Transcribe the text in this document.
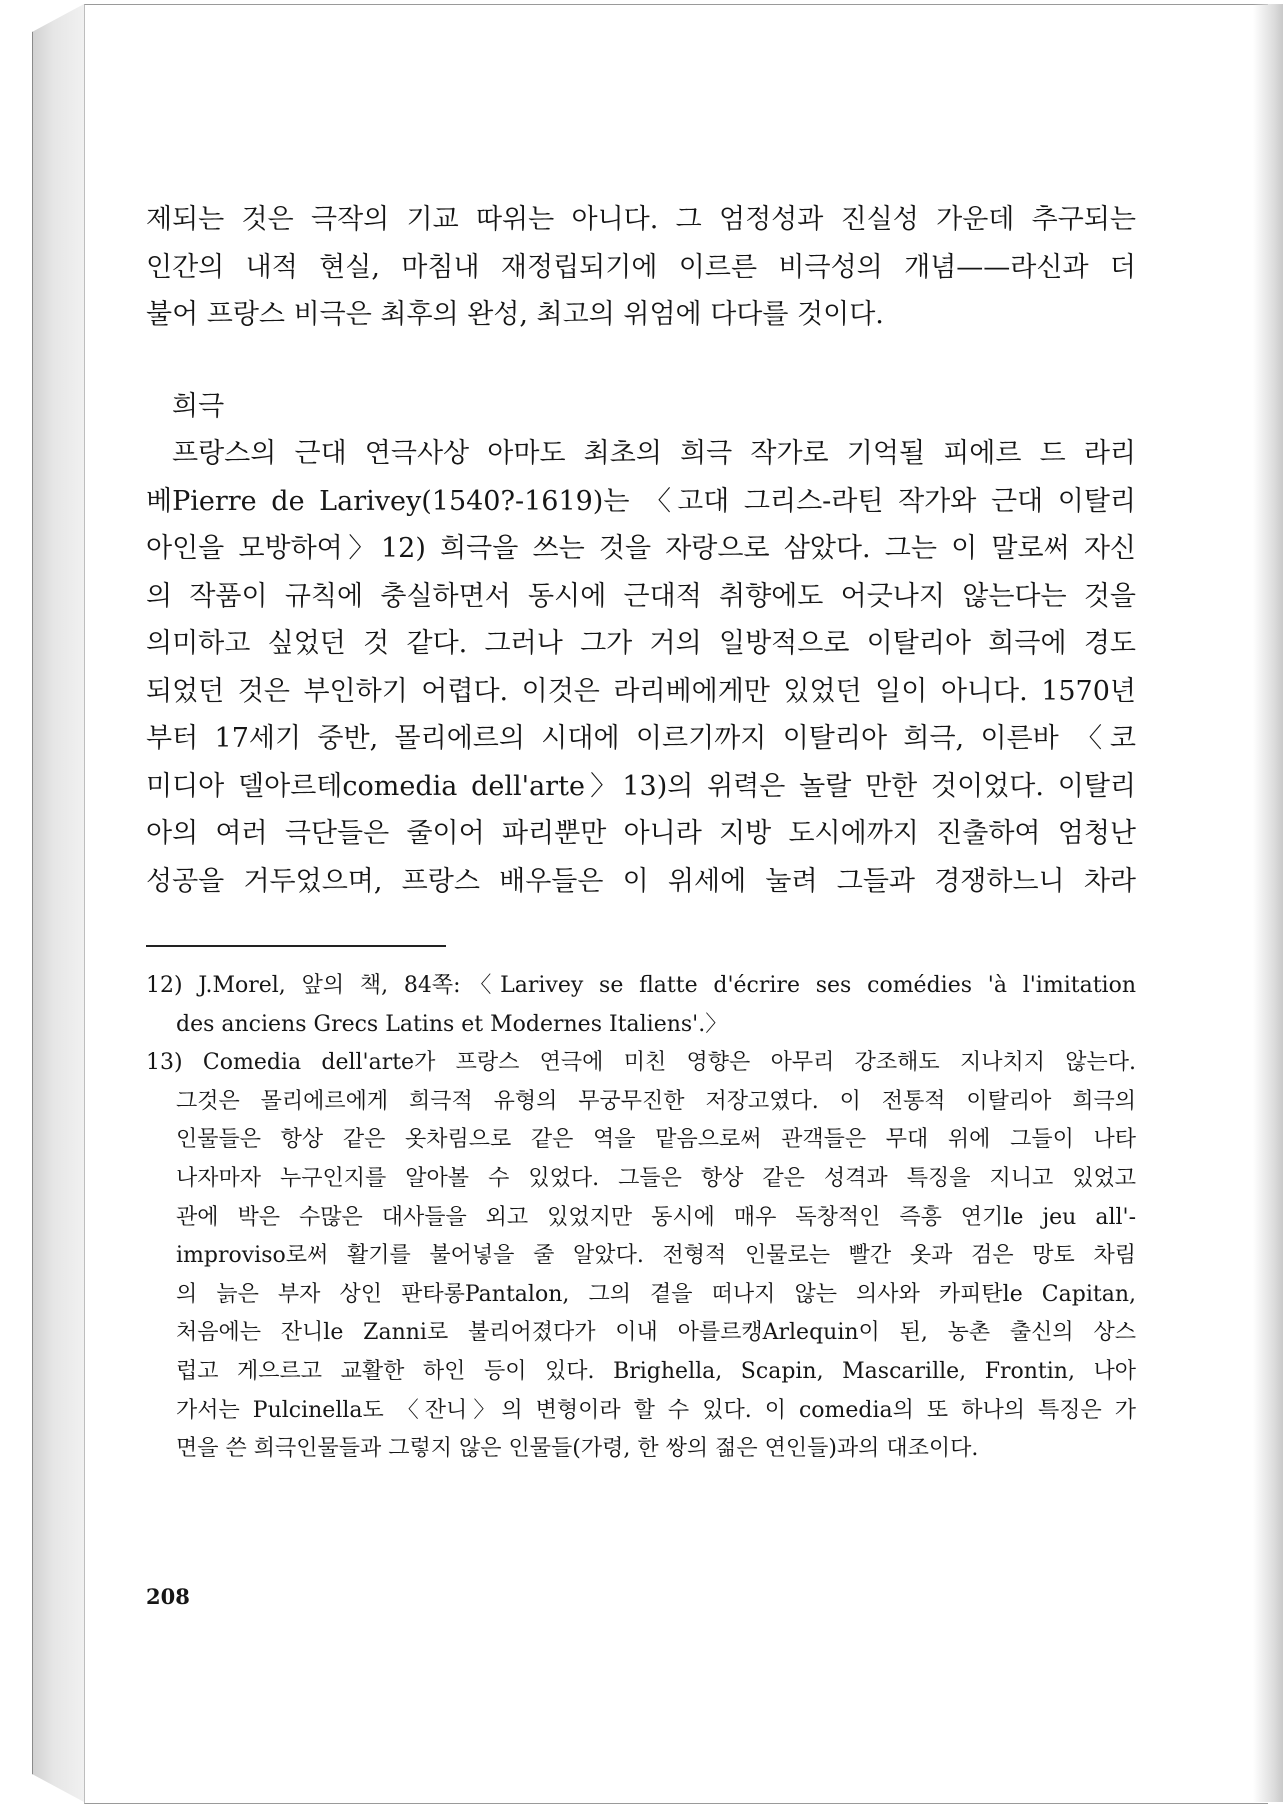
제되는 것은 극작의 기교 따위는 아니다. 그 엄정성과 진실성 가운데 추구되는

인간의 내적 현실, 마침내 재정립되기에 이르른 비극성의 개념——라신과 더

불어 프랑스 비극은 최후의 완성, 최고의 위엄에 다다를 것이다.

희극

프랑스의 근대 연극사상 아마도 최초의 희극 작가로 기억될 피에르 드 라리

베Pierre de Larivey(1540?-1619)는 〈고대 그리스-라틴 작가와 근대 이탈리

아인을 모방하여〉12) 희극을 쓰는 것을 자랑으로 삼았다. 그는 이 말로써 자신

의 작품이 규칙에 충실하면서 동시에 근대적 취향에도 어긋나지 않는다는 것을

의미하고 싶었던 것 같다. 그러나 그가 거의 일방적으로 이탈리아 희극에 경도

되었던 것은 부인하기 어렵다. 이것은 라리베에게만 있었던 일이 아니다. 1570년

부터 17세기 중반, 몰리에르의 시대에 이르기까지 이탈리아 희극, 이른바 〈코

미디아 델아르테comedia dell'arte〉13)의 위력은 놀랄 만한 것이었다. 이탈리

아의 여러 극단들은 줄이어 파리뿐만 아니라 지방 도시에까지 진출하여 엄청난

성공을 거두었으며, 프랑스 배우들은 이 위세에 눌려 그들과 경쟁하느니 차라

12) J.Morel, 앞의 책, 84쪽:〈Larivey se flatte d'écrire ses comédies 'à l'imitation

des anciens Grecs Latins et Modernes Italiens'.〉

13) Comedia dell'arte가 프랑스 연극에 미친 영향은 아무리 강조해도 지나치지 않는다.

그것은 몰리에르에게 희극적 유형의 무궁무진한 저장고였다. 이 전통적 이탈리아 희극의

인물들은 항상 같은 옷차림으로 같은 역을 맡음으로써 관객들은 무대 위에 그들이 나타

나자마자 누구인지를 알아볼 수 있었다. 그들은 항상 같은 성격과 특징을 지니고 있었고

관에 박은 수많은 대사들을 외고 있었지만 동시에 매우 독창적인 즉흥 연기le jeu all'-

improviso로써 활기를 불어넣을 줄 알았다. 전형적 인물로는 빨간 옷과 검은 망토 차림

의 늙은 부자 상인 판타롱Pantalon, 그의 곁을 떠나지 않는 의사와 카피탄le Capitan,

처음에는 잔니le Zanni로 불리어졌다가 이내 아를르캥Arlequin이 된, 농촌 출신의 상스

럽고 게으르고 교활한 하인 등이 있다. Brighella, Scapin, Mascarille, Frontin, 나아

가서는 Pulcinella도 〈잔니〉의 변형이라 할 수 있다. 이 comedia의 또 하나의 특징은 가

면을 쓴 희극인물들과 그렇지 않은 인물들(가령, 한 쌍의 젊은 연인들)과의 대조이다.

208
